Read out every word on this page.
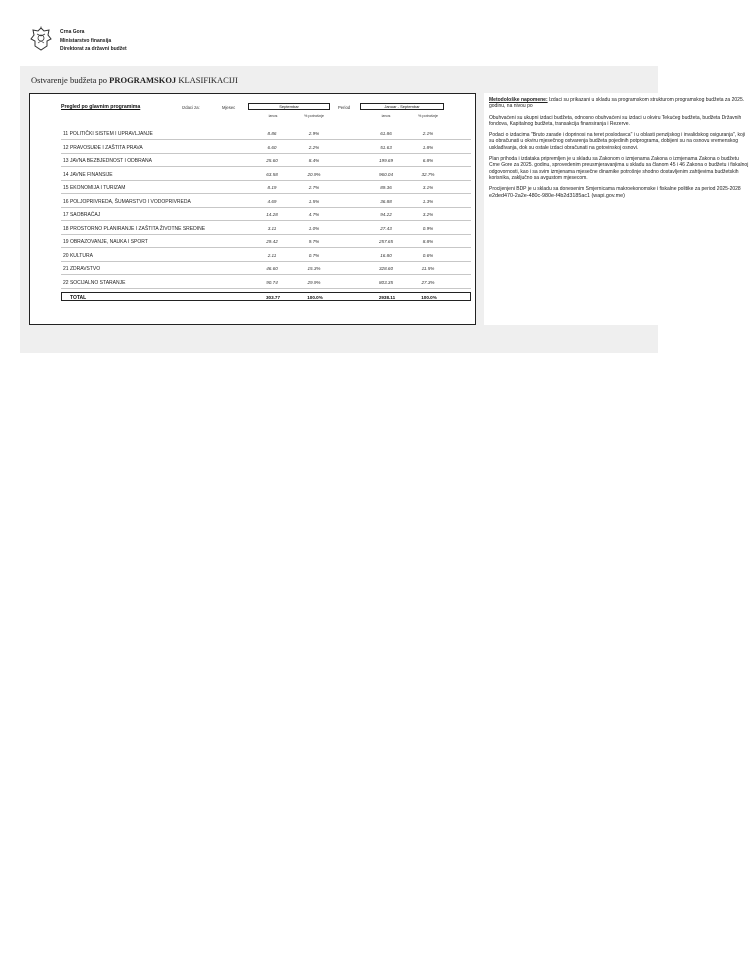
Crna Gora
Ministarstvo finansija
Direktorat za državni budžet
Ostvarenje budžeta po PROGRAMSKOJ KLASIFIKACIJI
Pregled po glavnim programima	Izdaci za:	Mjesec	Septembar	Period	Januar - Septembar
iznos	% potrošnje	iznos	% potrošnje
11 POLITIČKI SISTEM I UPRAVLJANJE	8.86	2.9%	61.86	2.1%
12 PRAVOSUĐE I ZAŠTITA PRAVA	6.60	2.2%	51.63	1.8%
13 JAVNA BEZBJEDNOST I ODBRANA	25.60	8.4%	199.69	6.8%
14 JAVNE FINANSIJE	63.58	20.9%	960.04	32.7%
15 EKONOMIJA I TURIZAM	8.19	2.7%	89.36	3.1%
16 POLJOPRIVREDA, ŠUMARSTVO I VODOPRIVREDA	4.69	1.5%	36.88	1.3%
17 SAOBRAĆAJ	14.28	4.7%	94.22	3.2%
18 PROSTORNO PLANIRANJE I ZAŠTITA ŽIVOTNE SREDINE	3.11	1.0%	27.43	0.9%
19 OBRAZOVANJE, NAUKA I SPORT	29.42	9.7%	257.65	8.8%
20 KULTURA	2.11	0.7%	16.80	0.6%
21 ZDRAVSTVO	46.60	15.3%	328.60	11.5%
22 SOCIJALNO STARANJE	90.74	29.9%	803.35	27.3%
TOTAL	303.77	100.0%	2938.11	100.0%

Metodološke napomene: Izdaci su prikazani u skladu sa programskom strukturom programskog budžeta za 2025. godinu, na nivou po

Obuhvaćeni su ukupni izdaci budžeta, odnosno obuhvaćeni su izdaci u okviru Tekućeg budžeta, budžeta Državnih fondova, Kapitalnog budžeta, transakcija finansiranja i Rezerve.

Podaci o izdacima "Bruto zarade i doprinosi na teret poslodavca" i u oblasti penzijskog i invalidskog osiguranja", koji su obračunati u okviru mjesečnog ostvarenja budžeta pojedinih potprograma, dobijeni su na osnovu vremenskog usklađivanja, dok su ostale izdaci obračunati na gotovinskoj osnovi.

Plan prihoda i izdataka pripremljen je u skladu sa Zakonom o izmjenama Zakona o izmjenama Zakona o budžetu Crne Gore za 2025. godinu, sprovedenim preusmjeravanjima u skladu sa članom 45 i 46 Zakona o budžetu i fiskalnoj odgovornosti, kao i sa svim izmjenama mjesečne dinamike potrošnje shodno dostavljenim zahtjevima budžetskih korisnika, zaključno sa avgustom mjesecom.

Procijenjeni BDP je u skladu sa donesenim Smjernicama makroekonomske i fiskalne politike za period 2025-2028

e2ded470-2a2e-480c-980e-f4b2d3185ac1 (wapi.gov.me)
